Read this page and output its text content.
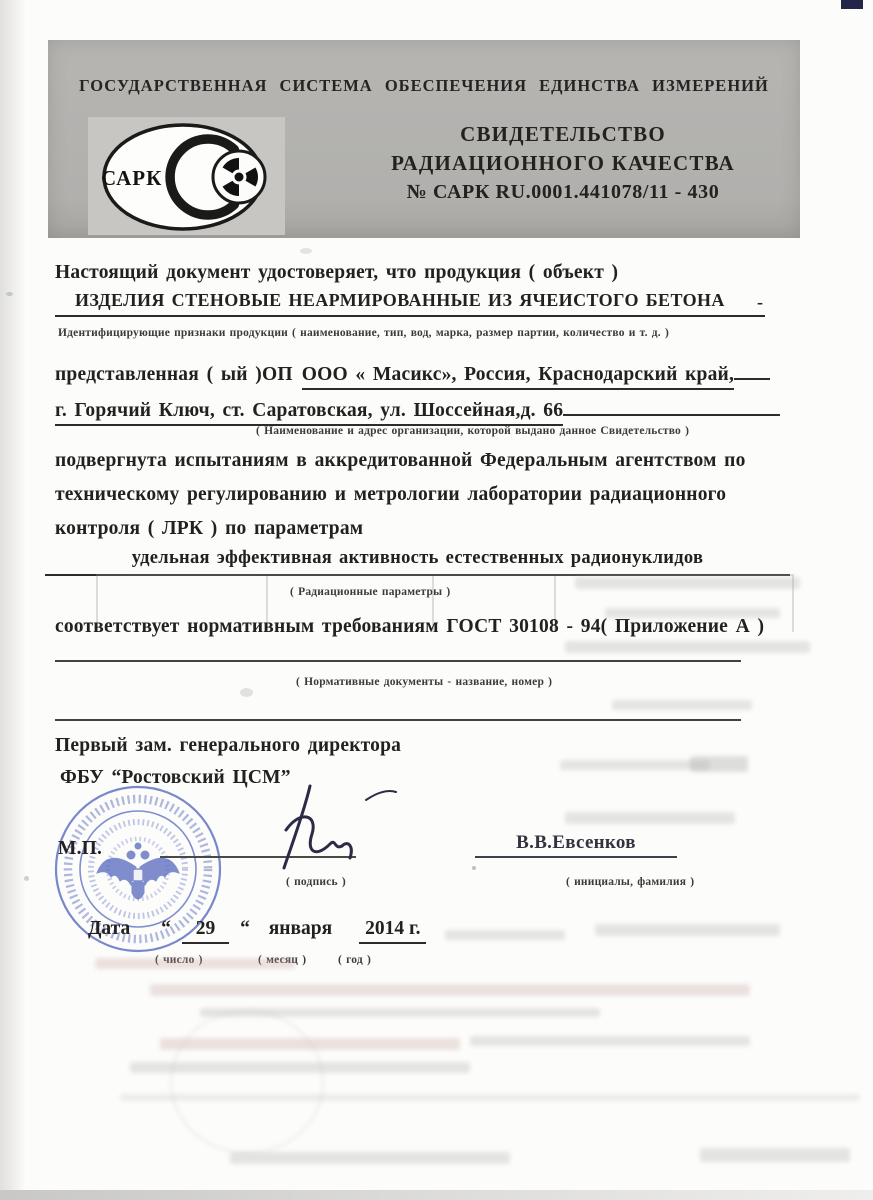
ГОСУДАРСТВЕННАЯ СИСТЕМА ОБЕСПЕЧЕНИЯ ЕДИНСТВА ИЗМЕРЕНИЙ
САРК
СВИДЕТЕЛЬСТВО
РАДИАЦИОННОГО КАЧЕСТВА
№ САРК RU.0001.441078/11 - 430
Настоящий документ удостоверяет, что продукция ( объект )
ИЗДЕЛИЯ СТЕНОВЫЕ НЕАРМИРОВАННЫЕ ИЗ ЯЧЕИСТОГО БЕТОНА	-
Идентифицирующие признаки продукции ( наименование, тип, вод, марка, размер партии, количество и т. д. )
представленная ( ый )ОП ООО « Масикс», Россия, Краснодарский край,
г. Горячий Ключ, ст. Саратовская, ул. Шоссейная,д. 66
( Наименование и адрес организации, которой выдано данное Свидетельство )
подвергнута испытаниям в аккредитованной Федеральным агентством по
техническому регулированию и метрологии лаборатории радиационного
контроля ( ЛРК ) по параметрам
удельная эффективная активность естественных радионуклидов
( Радиационные параметры )
соответствует нормативным требованиям ГОСТ 30108 - 94( Приложение А )
( Нормативные документы - название, номер )
Первый зам. генерального директора
ФБУ “Ростовский ЦСМ”
М.П.	В.В.Евсенков
( подпись )	( инициалы, фамилия )
Дата “ 29 “ января 2014 г.
( число )	( месяц )	( год )
